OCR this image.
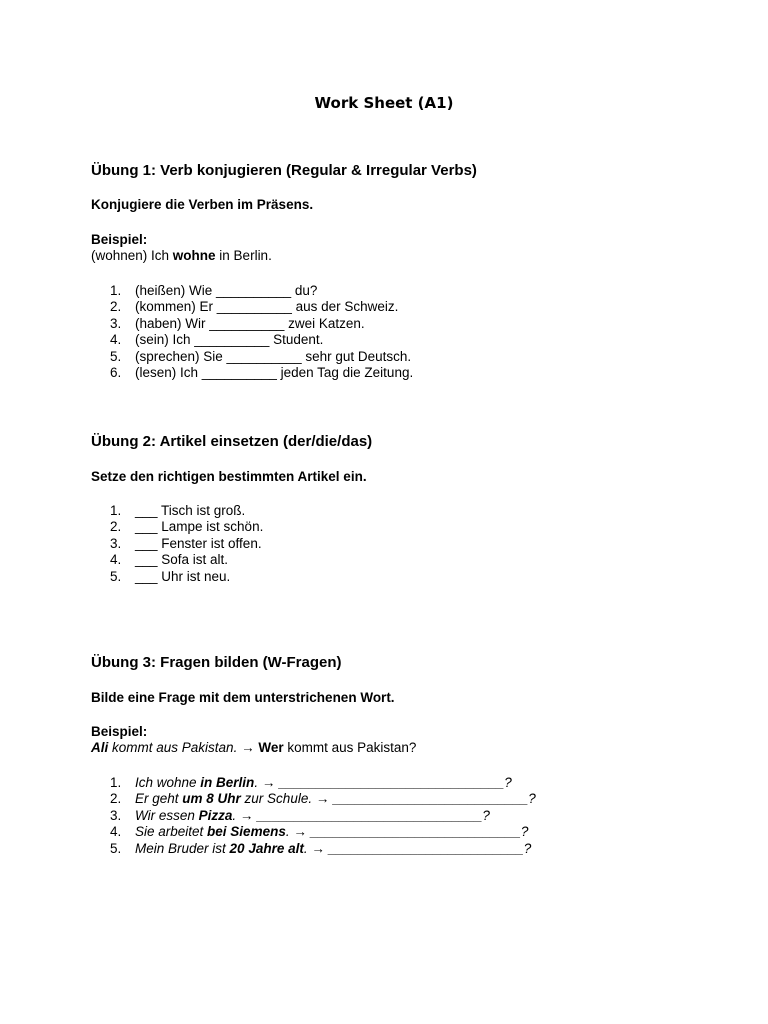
Work Sheet (A1)
Übung 1: Verb konjugieren (Regular & Irregular Verbs)
Konjugiere die Verben im Präsens.
Beispiel:
(wohnen) Ich wohne in Berlin.
1. (heißen) Wie __________ du?
2. (kommen) Er __________ aus der Schweiz.
3. (haben) Wir __________ zwei Katzen.
4. (sein) Ich __________ Student.
5. (sprechen) Sie __________ sehr gut Deutsch.
6. (lesen) Ich __________ jeden Tag die Zeitung.
Übung 2: Artikel einsetzen (der/die/das)
Setze den richtigen bestimmten Artikel ein.
1. ___ Tisch ist groß.
2. ___ Lampe ist schön.
3. ___ Fenster ist offen.
4. ___ Sofa ist alt.
5. ___ Uhr ist neu.
Übung 3: Fragen bilden (W-Fragen)
Bilde eine Frage mit dem unterstrichenen Wort.
Beispiel:
Ali kommt aus Pakistan. → Wer kommt aus Pakistan?
1. Ich wohne in Berlin. → ______________________________?
2. Er geht um 8 Uhr zur Schule. → __________________________?
3. Wir essen Pizza. → ______________________________?
4. Sie arbeitet bei Siemens. → ____________________________?
5. Mein Bruder ist 20 Jahre alt. → __________________________?
